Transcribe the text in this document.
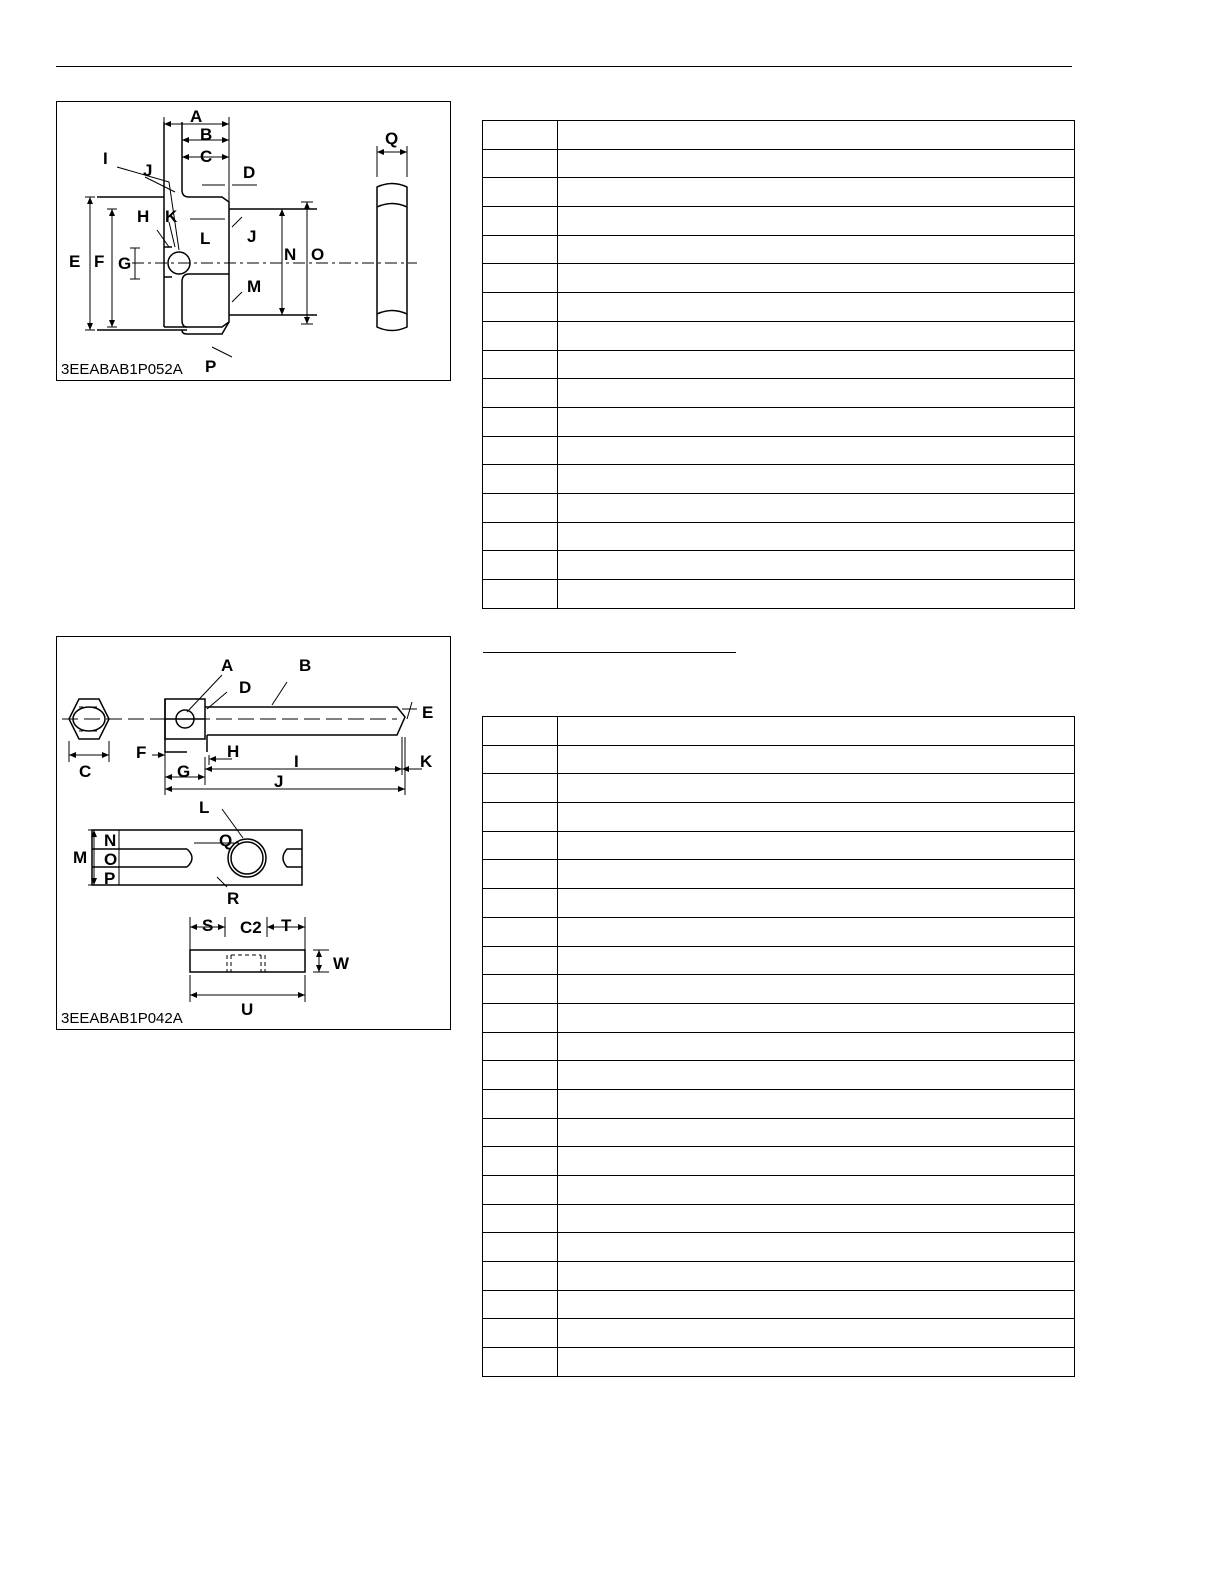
A
B
C
D
E F G
H
I
J
J
K
L
M
N O
P
Q
3EEABAB1P052A

A	B
C
D
E
F
G
H
I
J
K
L
M
N
O
P
Q
R
S C2 T
W
U
3EEABAB1P042A
